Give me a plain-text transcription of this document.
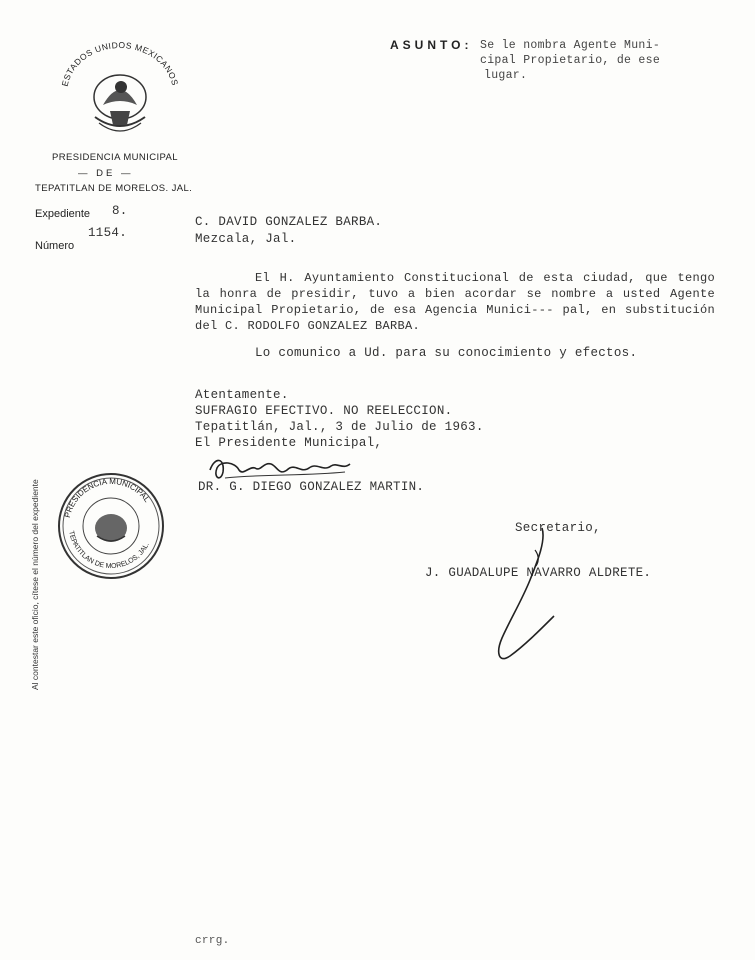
ESTADOS UNIDOS MEXICANOS
PRESIDENCIA MUNICIPAL
— DE —
TEPATITLAN DE MORELOS. JAL.
ASUNTO: Se le nombra Agente Muni-
cipal Propietario, de ese
lugar.
Expediente 8.
Número
1154.
C. DAVID GONZALEZ BARBA.
Mezcala, Jal.
El H. Ayuntamiento Constitucional de esta ciudad, que tengo la honra de presidir, tuvo a bien acordar se nombre a usted Agente Municipal Propietario, de esa Agencia Munici--- pal, en substitución del C. RODOLFO GONZALEZ BARBA.
Lo comunico a Ud. para su conocimiento y efectos.
Atentamente.
SUFRAGIO EFECTIVO. NO REELECCION.
Tepatitlán, Jal., 3 de Julio de 1963.
El Presidente Municipal,
DR. G. DIEGO GONZALEZ MARTIN.
PRESIDENCIA MUNICIPAL
TEPATITLAN DE MORELOS, JAL.
Al contestar este oficio, cítese el número del expediente	Secretario,
J. GUADALUPE NAVARRO ALDRETE.
crrg.
